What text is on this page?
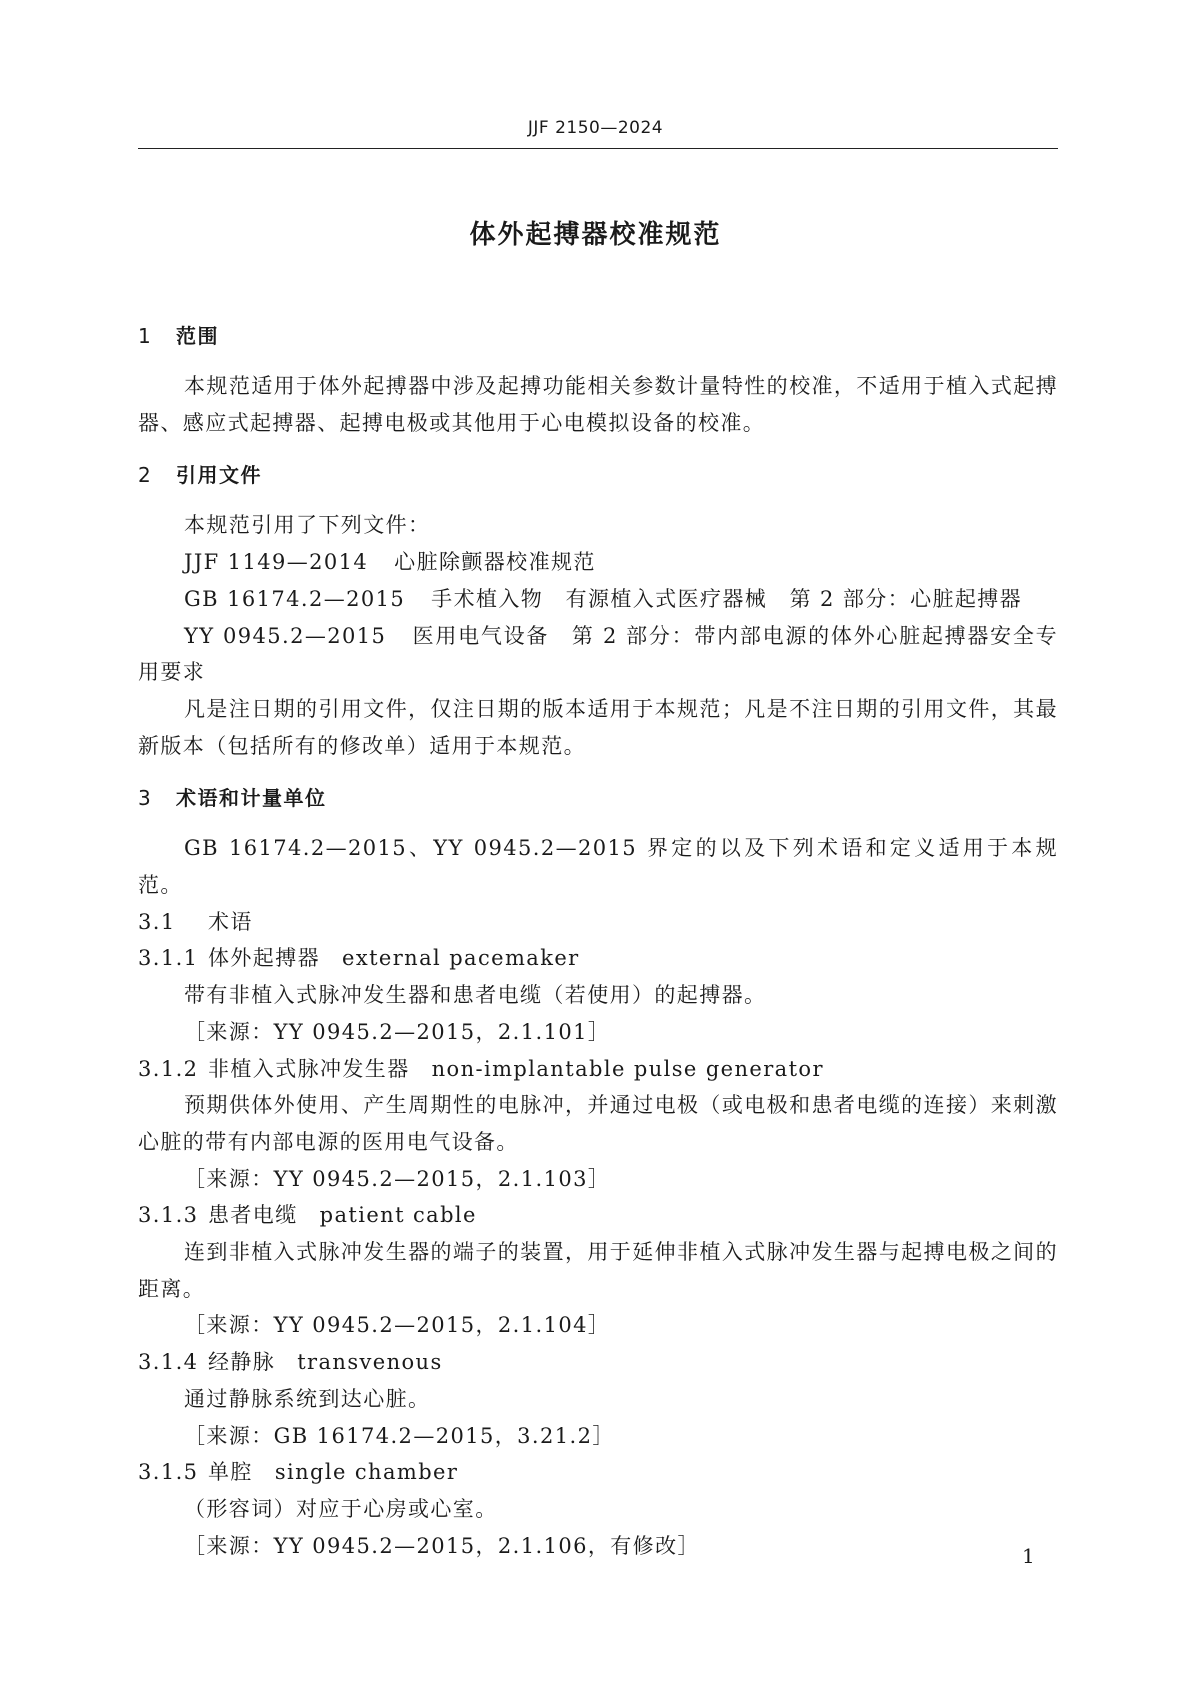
JJF 2150—2024
体外起搏器校准规范
1 范围
本规范适用于体外起搏器中涉及起搏功能相关参数计量特性的校准，不适用于植入式起搏器、感应式起搏器、起搏电极或其他用于心电模拟设备的校准。
2 引用文件
本规范引用了下列文件：
JJF 1149—2014 心脏除颤器校准规范
GB 16174.2—2015 手术植入物　有源植入式医疗器械　第 2 部分：心脏起搏器
YY 0945.2—2015 医用电气设备　第 2 部分：带内部电源的体外心脏起搏器安全专用要求
凡是注日期的引用文件，仅注日期的版本适用于本规范；凡是不注日期的引用文件，其最新版本（包括所有的修改单）适用于本规范。
3 术语和计量单位
GB 16174.2—2015、YY 0945.2—2015 界定的以及下列术语和定义适用于本规范。
3.1 术语
3.1.1 体外起搏器 external pacemaker
带有非植入式脉冲发生器和患者电缆（若使用）的起搏器。
［来源：YY 0945.2—2015，2.1.101］
3.1.2 非植入式脉冲发生器 non-implantable pulse generator
预期供体外使用、产生周期性的电脉冲，并通过电极（或电极和患者电缆的连接）来刺激心脏的带有内部电源的医用电气设备。
［来源：YY 0945.2—2015，2.1.103］
3.1.3 患者电缆 patient cable
连到非植入式脉冲发生器的端子的装置，用于延伸非植入式脉冲发生器与起搏电极之间的距离。
［来源：YY 0945.2—2015，2.1.104］
3.1.4 经静脉 transvenous
通过静脉系统到达心脏。
［来源：GB 16174.2—2015，3.21.2］
3.1.5 单腔 single chamber
（形容词）对应于心房或心室。
［来源：YY 0945.2—2015，2.1.106，有修改］	1
